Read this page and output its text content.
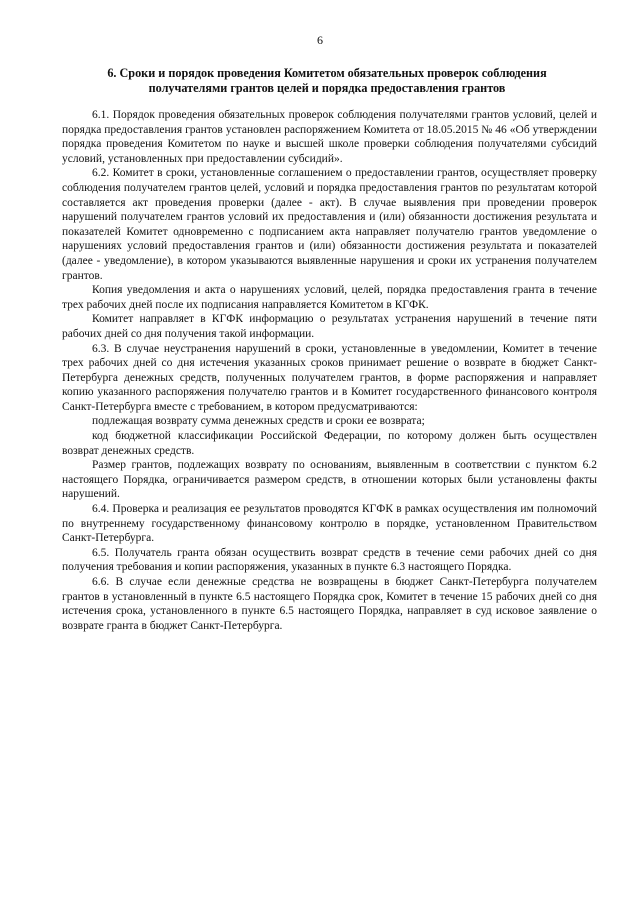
6
6. Сроки и порядок проведения Комитетом обязательных проверок соблюдения получателями грантов целей и порядка предоставления грантов

6.1. Порядок проведения обязательных проверок соблюдения получателями грантов условий, целей и порядка предоставления грантов установлен распоряжением Комитета от 18.05.2015 № 46 «Об утверждении порядка проведения Комитетом по науке и высшей школе проверки соблюдения получателями субсидий условий, установленных при предоставлении субсидий».

6.2. Комитет в сроки, установленные соглашением о предоставлении грантов, осуществляет проверку соблюдения получателем грантов целей, условий и порядка предоставления грантов по результатам которой составляется акт проведения проверки (далее - акт). В случае выявления при проведении проверок нарушений получателем грантов условий их предоставления и (или) обязанности достижения результата и показателей Комитет одновременно с подписанием акта направляет получателю грантов уведомление о нарушениях условий предоставления грантов и (или) обязанности достижения результата и показателей (далее - уведомление), в котором указываются выявленные нарушения и сроки их устранения получателем грантов.

Копия уведомления и акта о нарушениях условий, целей, порядка предоставления гранта в течение трех рабочих дней после их подписания направляется Комитетом в КГФК.

Комитет направляет в КГФК информацию о результатах устранения нарушений в течение пяти рабочих дней со дня получения такой информации.

6.3. В случае неустранения нарушений в сроки, установленные в уведомлении, Комитет в течение трех рабочих дней со дня истечения указанных сроков принимает решение о возврате в бюджет Санкт-Петербурга денежных средств, полученных получателем грантов, в форме распоряжения и направляет копию указанного распоряжения получателю грантов и в Комитет государственного финансового контроля Санкт-Петербурга вместе с требованием, в котором предусматриваются:

подлежащая возврату сумма денежных средств и сроки ее возврата;

код бюджетной классификации Российской Федерации, по которому должен быть осуществлен возврат денежных средств.

Размер грантов, подлежащих возврату по основаниям, выявленным в соответствии с пунктом 6.2 настоящего Порядка, ограничивается размером средств, в отношении которых были установлены факты нарушений.

6.4. Проверка и реализация ее результатов проводятся КГФК в рамках осуществления им полномочий по внутреннему государственному финансовому контролю в порядке, установленном Правительством Санкт-Петербурга.

6.5. Получатель гранта обязан осуществить возврат средств в течение семи рабочих дней со дня получения требования и копии распоряжения, указанных в пункте 6.3 настоящего Порядка.

6.6. В случае если денежные средства не возвращены в бюджет Санкт-Петербурга получателем грантов в установленный в пункте 6.5 настоящего Порядка срок, Комитет в течение 15 рабочих дней со дня истечения срока, установленного в пункте 6.5 настоящего Порядка, направляет в суд исковое заявление о возврате гранта в бюджет Санкт-Петербурга.
